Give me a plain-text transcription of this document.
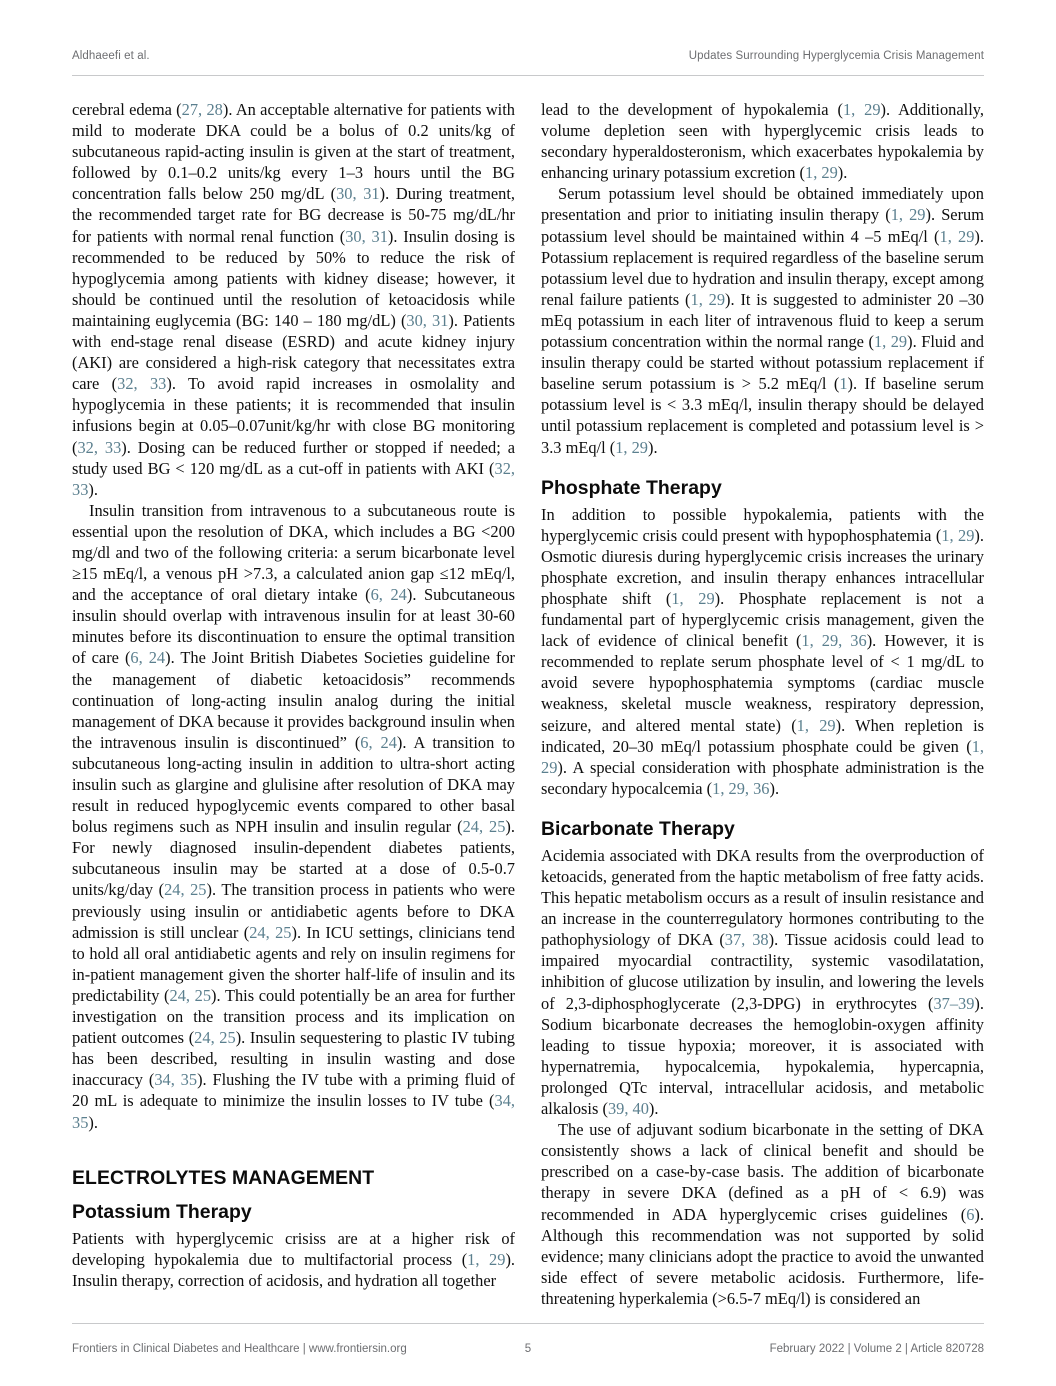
Aldhaeefi et al.	Updates Surrounding Hyperglycemia Crisis Management

cerebral edema (27, 28). An acceptable alternative for patients with mild to moderate DKA could be a bolus of 0.2 units/kg of subcutaneous rapid-acting insulin is given at the start of treatment, followed by 0.1–0.2 units/kg every 1–3 hours until the BG concentration falls below 250 mg/dL (30, 31). During treatment, the recommended target rate for BG decrease is 50-75 mg/dL/hr for patients with normal renal function (30, 31). Insulin dosing is recommended to be reduced by 50% to reduce the risk of hypoglycemia among patients with kidney disease; however, it should be continued until the resolution of ketoacidosis while maintaining euglycemia (BG: 140 – 180 mg/dL) (30, 31). Patients with end-stage renal disease (ESRD) and acute kidney injury (AKI) are considered a high-risk category that necessitates extra care (32, 33). To avoid rapid increases in osmolality and hypoglycemia in these patients; it is recommended that insulin infusions begin at 0.05–0.07unit/kg/hr with close BG monitoring (32, 33). Dosing can be reduced further or stopped if needed; a study used BG < 120 mg/dL as a cut-off in patients with AKI (32, 33).

Insulin transition from intravenous to a subcutaneous route is essential upon the resolution of DKA, which includes a BG <200 mg/dl and two of the following criteria: a serum bicarbonate level ≥15 mEq/l, a venous pH >7.3, a calculated anion gap ≤12 mEq/l, and the acceptance of oral dietary intake (6, 24). Subcutaneous insulin should overlap with intravenous insulin for at least 30-60 minutes before its discontinuation to ensure the optimal transition of care (6, 24). The Joint British Diabetes Societies guideline for the management of diabetic ketoacidosis” recommends continuation of long-acting insulin analog during the initial management of DKA because it provides background insulin when the intravenous insulin is discontinued” (6, 24). A transition to subcutaneous long-acting insulin in addition to ultra-short acting insulin such as glargine and glulisine after resolution of DKA may result in reduced hypoglycemic events compared to other basal bolus regimens such as NPH insulin and insulin regular (24, 25). For newly diagnosed insulin-dependent diabetes patients, subcutaneous insulin may be started at a dose of 0.5-0.7 units/kg/day (24, 25). The transition process in patients who were previously using insulin or antidiabetic agents before to DKA admission is still unclear (24, 25). In ICU settings, clinicians tend to hold all oral antidiabetic agents and rely on insulin regimens for in-patient management given the shorter half-life of insulin and its predictability (24, 25). This could potentially be an area for further investigation on the transition process and its implication on patient outcomes (24, 25). Insulin sequestering to plastic IV tubing has been described, resulting in insulin wasting and dose inaccuracy (34, 35). Flushing the IV tube with a priming fluid of 20 mL is adequate to minimize the insulin losses to IV tube (34, 35).

ELECTROLYTES MANAGEMENT
Potassium Therapy

Patients with hyperglycemic crisiss are at a higher risk of developing hypokalemia due to multifactorial process (1, 29). Insulin therapy, correction of acidosis, and hydration all together

lead to the development of hypokalemia (1, 29). Additionally, volume depletion seen with hyperglycemic crisis leads to secondary hyperaldosteronism, which exacerbates hypokalemia by enhancing urinary potassium excretion (1, 29).

Serum potassium level should be obtained immediately upon presentation and prior to initiating insulin therapy (1, 29). Serum potassium level should be maintained within 4 –5 mEq/l (1, 29). Potassium replacement is required regardless of the baseline serum potassium level due to hydration and insulin therapy, except among renal failure patients (1, 29). It is suggested to administer 20 –30 mEq potassium in each liter of intravenous fluid to keep a serum potassium concentration within the normal range (1, 29). Fluid and insulin therapy could be started without potassium replacement if baseline serum potassium is > 5.2 mEq/l (1). If baseline serum potassium level is < 3.3 mEq/l, insulin therapy should be delayed until potassium replacement is completed and potassium level is > 3.3 mEq/l (1, 29).

Phosphate Therapy

In addition to possible hypokalemia, patients with the hyperglycemic crisis could present with hypophosphatemia (1, 29). Osmotic diuresis during hyperglycemic crisis increases the urinary phosphate excretion, and insulin therapy enhances intracellular phosphate shift (1, 29). Phosphate replacement is not a fundamental part of hyperglycemic crisis management, given the lack of evidence of clinical benefit (1, 29, 36). However, it is recommended to replate serum phosphate level of < 1 mg/dL to avoid severe hypophosphatemia symptoms (cardiac muscle weakness, skeletal muscle weakness, respiratory depression, seizure, and altered mental state) (1, 29). When repletion is indicated, 20–30 mEq/l potassium phosphate could be given (1, 29). A special consideration with phosphate administration is the secondary hypocalcemia (1, 29, 36).

Bicarbonate Therapy

Acidemia associated with DKA results from the overproduction of ketoacids, generated from the haptic metabolism of free fatty acids. This hepatic metabolism occurs as a result of insulin resistance and an increase in the counterregulatory hormones contributing to the pathophysiology of DKA (37, 38). Tissue acidosis could lead to impaired myocardial contractility, systemic vasodilatation, inhibition of glucose utilization by insulin, and lowering the levels of 2,3-diphosphoglycerate (2,3-DPG) in erythrocytes (37–39). Sodium bicarbonate decreases the hemoglobin-oxygen affinity leading to tissue hypoxia; moreover, it is associated with hypernatremia, hypocalcemia, hypokalemia, hypercapnia, prolonged QTc interval, intracellular acidosis, and metabolic alkalosis (39, 40).

The use of adjuvant sodium bicarbonate in the setting of DKA consistently shows a lack of clinical benefit and should be prescribed on a case-by-case basis. The addition of bicarbonate therapy in severe DKA (defined as a pH of < 6.9) was recommended in ADA hyperglycemic crises guidelines (6). Although this recommendation was not supported by solid evidence; many clinicians adopt the practice to avoid the unwanted side effect of severe metabolic acidosis. Furthermore, life-threatening hyperkalemia (>6.5-7 mEq/l) is considered an

Frontiers in Clinical Diabetes and Healthcare | www.frontiersin.org	5	February 2022 | Volume 2 | Article 820728
